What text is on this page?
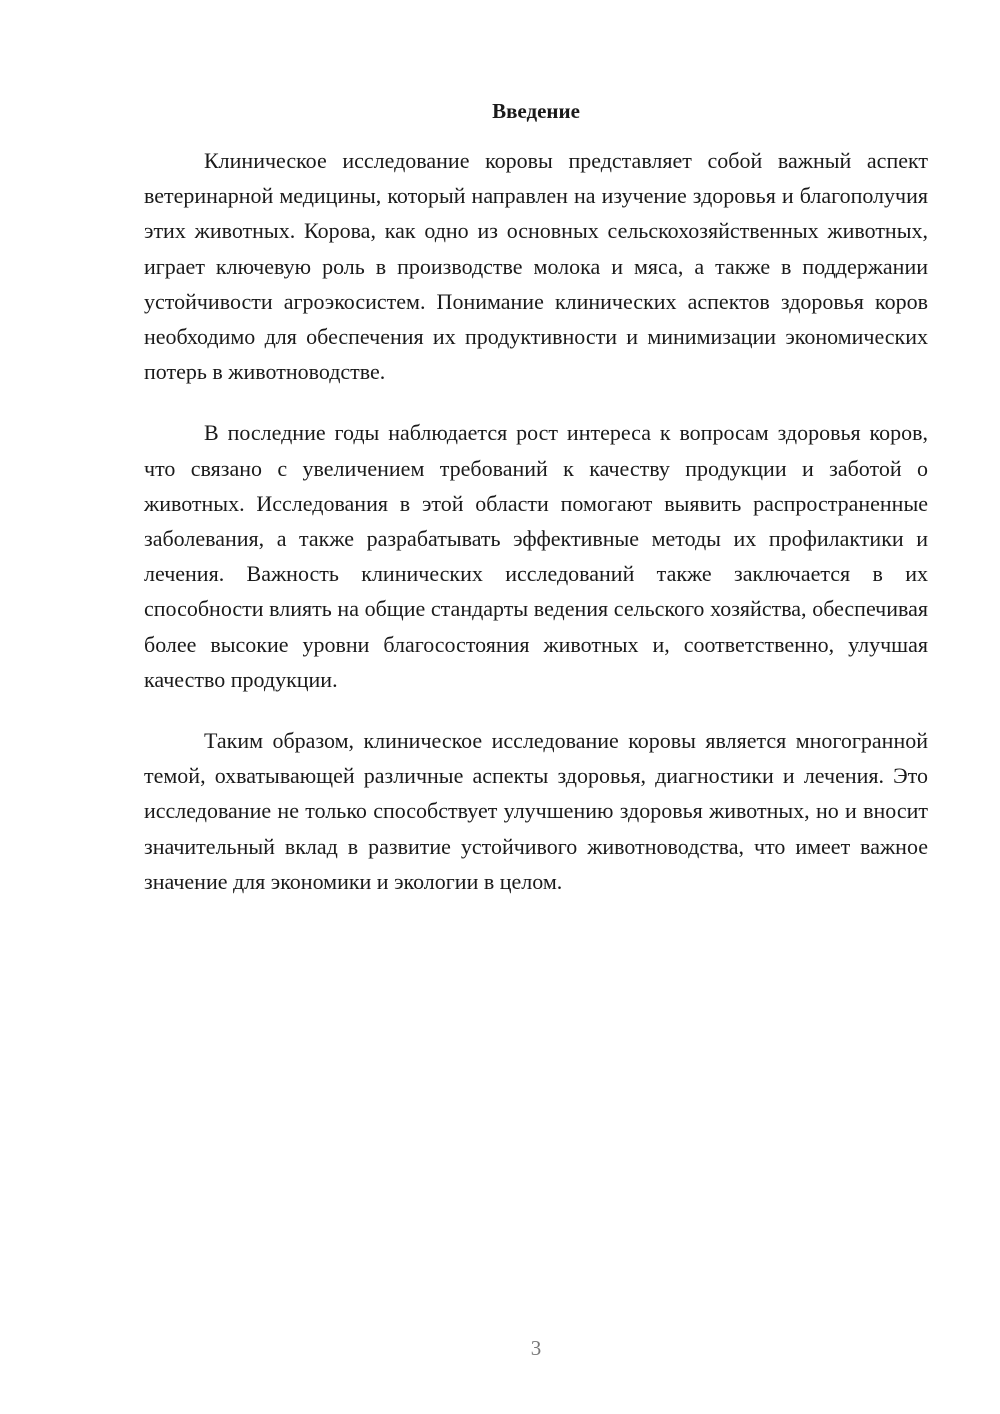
Введение

Клиническое исследование коровы представляет собой важный аспект ветеринарной медицины, который направлен на изучение здоровья и благополучия этих животных. Корова, как одно из основных сельскохозяйственных животных, играет ключевую роль в производстве молока и мяса, а также в поддержании устойчивости агроэкосистем. Понимание клинических аспектов здоровья коров необходимо для обеспечения их продуктивности и минимизации экономических потерь в животноводстве.

В последние годы наблюдается рост интереса к вопросам здоровья коров, что связано с увеличением требований к качеству продукции и заботой о животных. Исследования в этой области помогают выявить распространенные заболевания, а также разрабатывать эффективные методы их профилактики и лечения. Важность клинических исследований также заключается в их способности влиять на общие стандарты ведения сельского хозяйства, обеспечивая более высокие уровни благосостояния животных и, соответственно, улучшая качество продукции.

Таким образом, клиническое исследование коровы является многогранной темой, охватывающей различные аспекты здоровья, диагностики и лечения. Это исследование не только способствует улучшению здоровья животных, но и вносит значительный вклад в развитие устойчивого животноводства, что имеет важное значение для экономики и экологии в целом.

3
